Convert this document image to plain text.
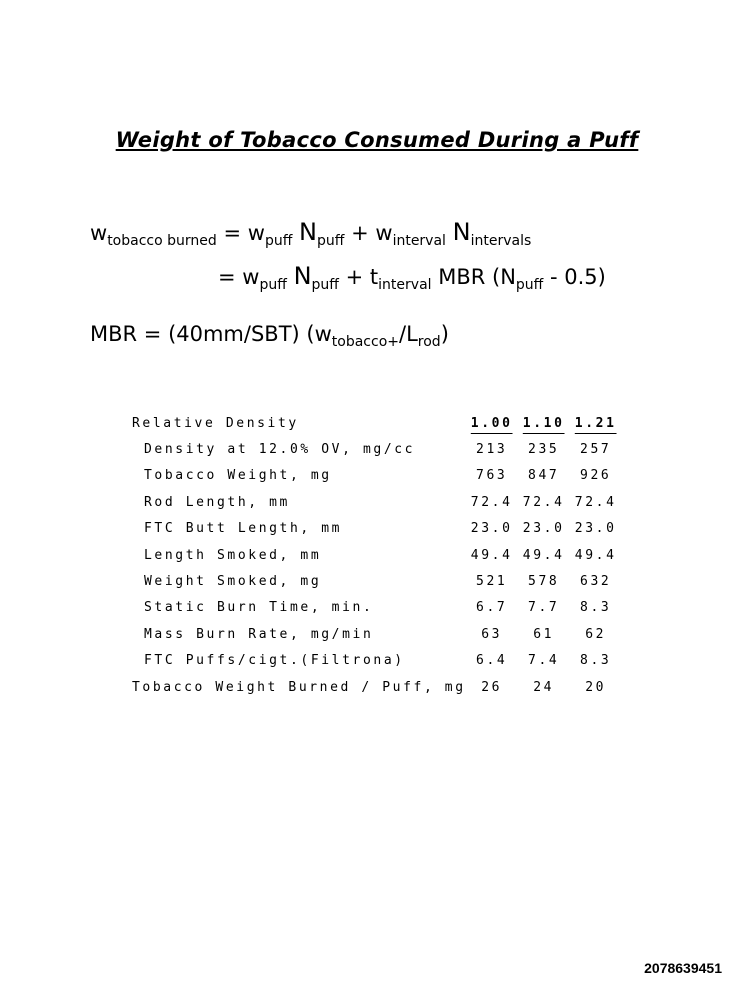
Weight of Tobacco Consumed During a Puff
$w_{tobacco burned} = w_{puff}$ $N_{puff} + w_{interval}$ $N_{intervals}$
= $w_{puff}$ $N_{puff} + t_{interval}$ MBR $(N_{puff} - 0.5)$
MBR = (40mm/SBT) $(w_{tobacco+}/L_{rod})$
Relative Density	1.00	1.10	1.21
Density at 12.0% OV, mg/cc	213	235	257
Tobacco Weight, mg	763	847	926
Rod Length, mm	72.4	72.4	72.4
FTC Butt Length, mm	23.0	23.0	23.0
Length Smoked, mm	49.4	49.4	49.4
Weight Smoked, mg	521	578	632
Static Burn Time, min.	6.7	7.7	8.3
Mass Burn Rate, mg/min	63	61	62
FTC Puffs/cigt.(Filtrona)	6.4	7.4	8.3
Tobacco Weight Burned / Puff, mg	26	24	20
2078639451
